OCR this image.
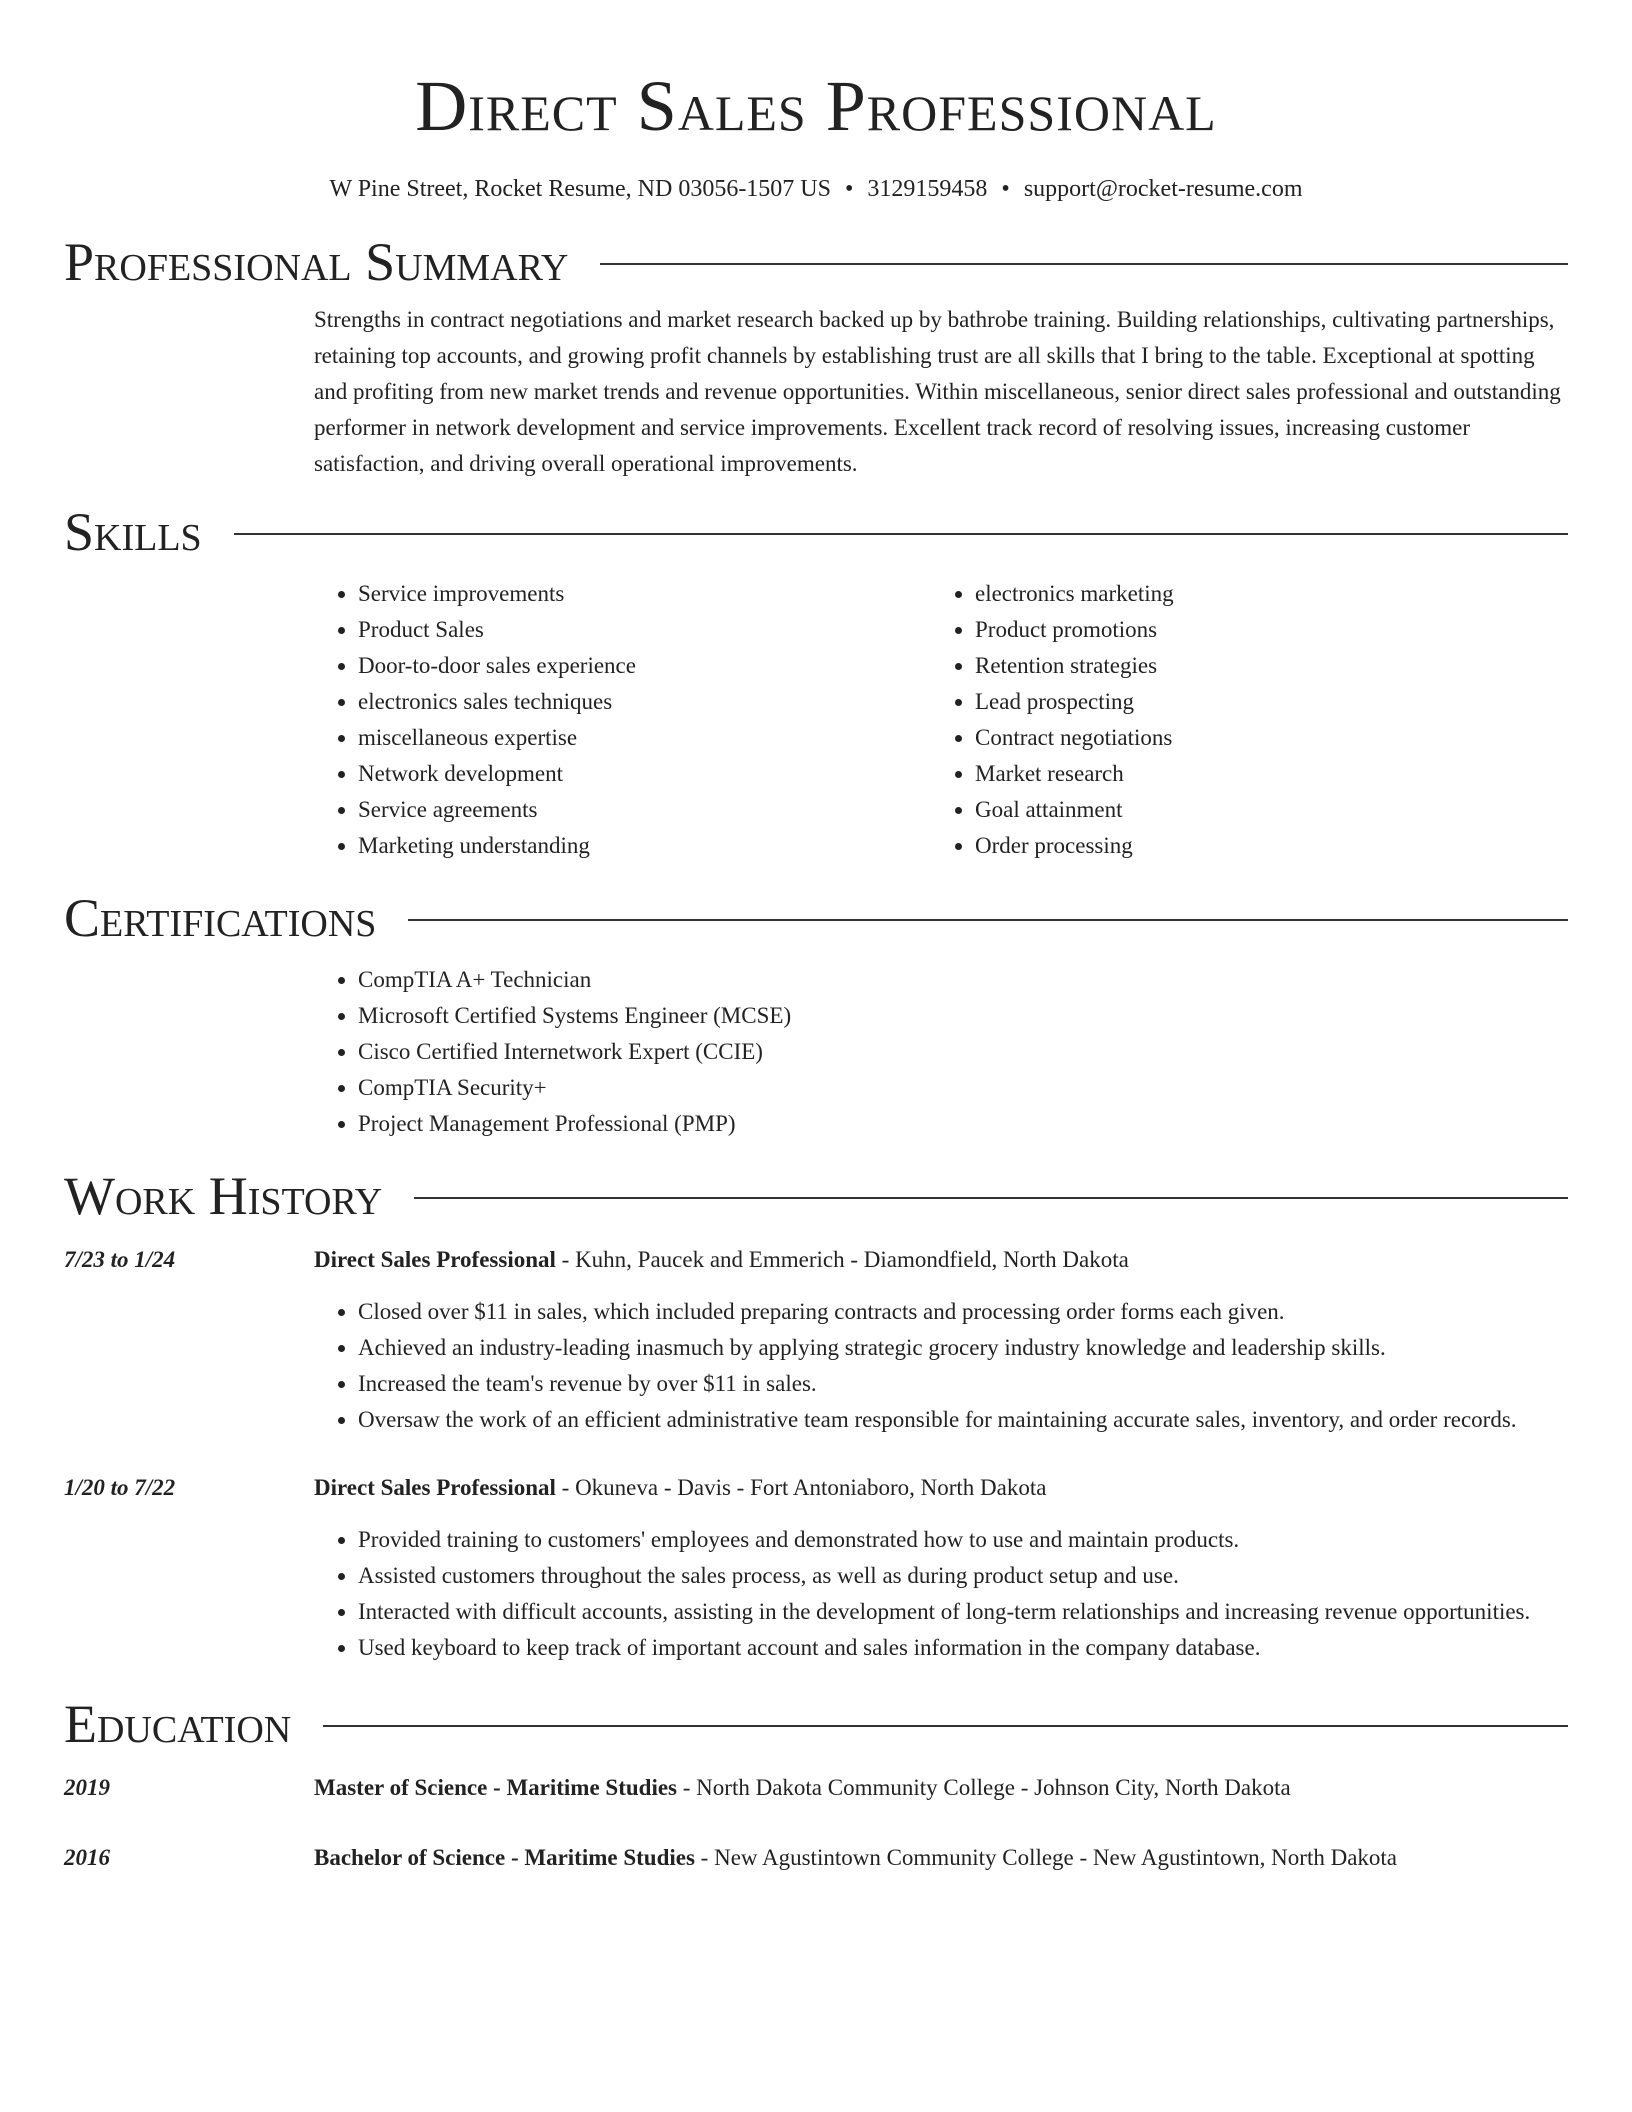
Direct Sales Professional
W Pine Street, Rocket Resume, ND 03056-1507 US • 3129159458 • support@rocket-resume.com
Professional Summary

Strengths in contract negotiations and market research backed up by bathrobe training. Building relationships, cultivating partnerships, retaining top accounts, and growing profit channels by establishing trust are all skills that I bring to the table. Exceptional at spotting and profiting from new market trends and revenue opportunities. Within miscellaneous, senior direct sales professional and outstanding performer in network development and service improvements. Excellent track record of resolving issues, increasing customer satisfaction, and driving overall operational improvements.

Skills
• Service improvements
• Product Sales
• Door-to-door sales experience
• electronics sales techniques
• miscellaneous expertise
• Network development
• Service agreements
• Marketing understanding
• electronics marketing
• Product promotions
• Retention strategies
• Lead prospecting
• Contract negotiations
• Market research
• Goal attainment
• Order processing
Certifications
• CompTIA A+ Technician
• Microsoft Certified Systems Engineer (MCSE)
• Cisco Certified Internetwork Expert (CCIE)
• CompTIA Security+
• Project Management Professional (PMP)
Work History
7/23 to 1/24	Direct Sales Professional - Kuhn, Paucek and Emmerich - Diamondfield, North Dakota
• Closed over $11 in sales, which included preparing contracts and processing order forms each given.
• Achieved an industry-leading inasmuch by applying strategic grocery industry knowledge and leadership skills.
• Increased the team's revenue by over $11 in sales.
• Oversaw the work of an efficient administrative team responsible for maintaining accurate sales, inventory, and order records.
1/20 to 7/22	Direct Sales Professional - Okuneva - Davis - Fort Antoniaboro, North Dakota
• Provided training to customers' employees and demonstrated how to use and maintain products.
• Assisted customers throughout the sales process, as well as during product setup and use.
• Interacted with difficult accounts, assisting in the development of long-term relationships and increasing revenue opportunities.
• Used keyboard to keep track of important account and sales information in the company database.
Education
2019	Master of Science - Maritime Studies - North Dakota Community College - Johnson City, North Dakota
2016	Bachelor of Science - Maritime Studies - New Agustintown Community College - New Agustintown, North Dakota
